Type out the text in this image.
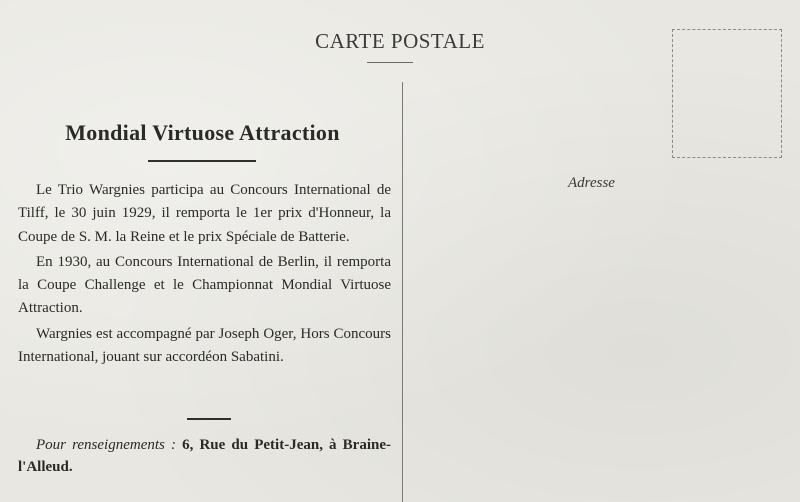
CARTE POSTALE
Adresse
Mondial Virtuose Attraction

Le Trio Wargnies participa au Concours International de Tilff, le 30 juin 1929, il remporta le 1er prix d'Honneur, la Coupe de S. M. la Reine et le prix Spéciale de Batterie.

En 1930, au Concours International de Berlin, il remporta la Coupe Challenge et le Championnat Mondial Virtuose Attraction.

Wargnies est accompagné par Joseph Oger, Hors Concours International, jouant sur accordéon Sabatini.

Pour renseignements : 6, Rue du Petit-Jean, à Braine-l'Alleud.
